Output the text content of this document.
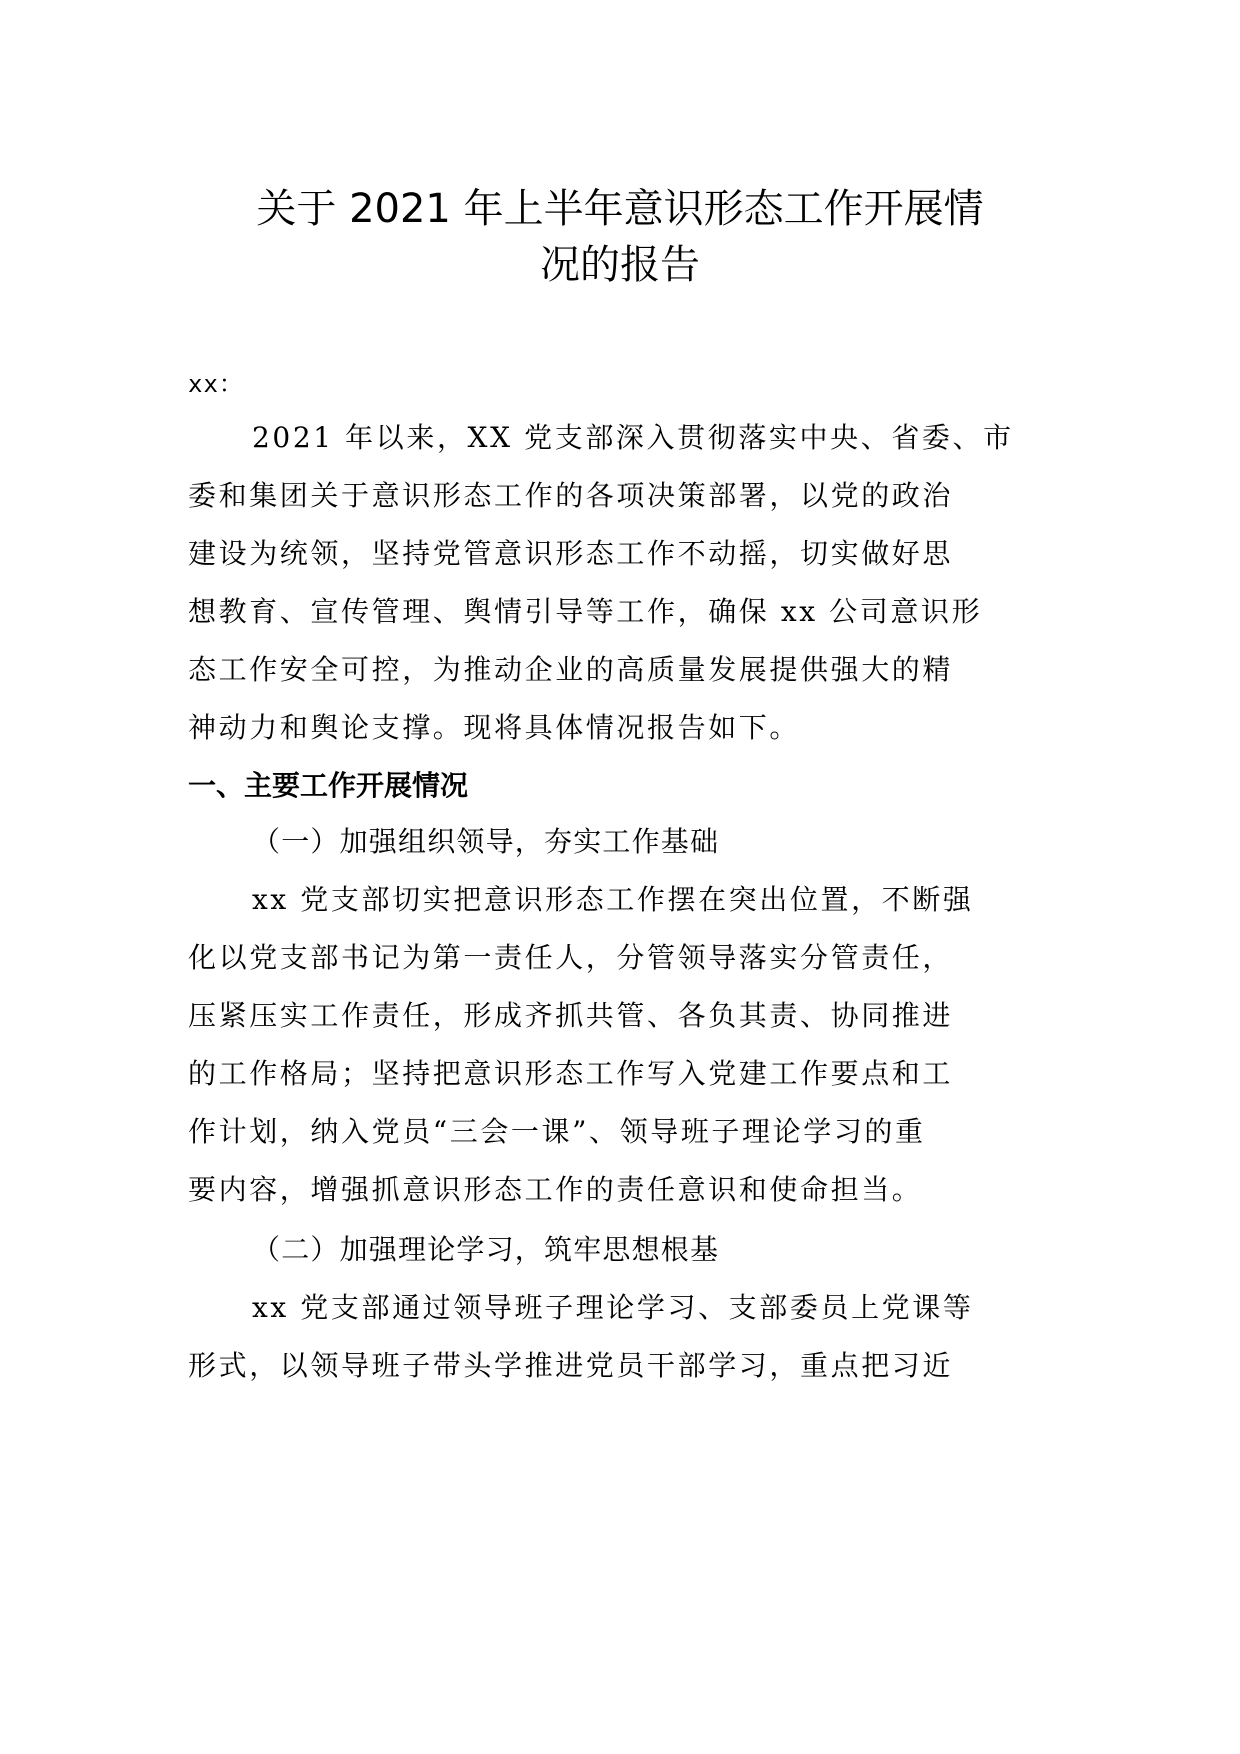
关于 2021 年上半年意识形态工作开展情
况的报告
xx：
2021 年以来，XX 党支部深入贯彻落实中央、省委、市
委和集团关于意识形态工作的各项决策部署，以党的政治
建设为统领，坚持党管意识形态工作不动摇，切实做好思
想教育、宣传管理、舆情引导等工作，确保 xx 公司意识形
态工作安全可控，为推动企业的高质量发展提供强大的精
神动力和舆论支撑。现将具体情况报告如下。
一、主要工作开展情况
（一）加强组织领导，夯实工作基础
xx 党支部切实把意识形态工作摆在突出位置，不断强
化以党支部书记为第一责任人，分管领导落实分管责任，
压紧压实工作责任，形成齐抓共管、各负其责、协同推进
的工作格局；坚持把意识形态工作写入党建工作要点和工
作计划，纳入党员“三会一课”、领导班子理论学习的重
要内容，增强抓意识形态工作的责任意识和使命担当。
（二）加强理论学习，筑牢思想根基
xx 党支部通过领导班子理论学习、支部委员上党课等
形式，以领导班子带头学推进党员干部学习，重点把习近
